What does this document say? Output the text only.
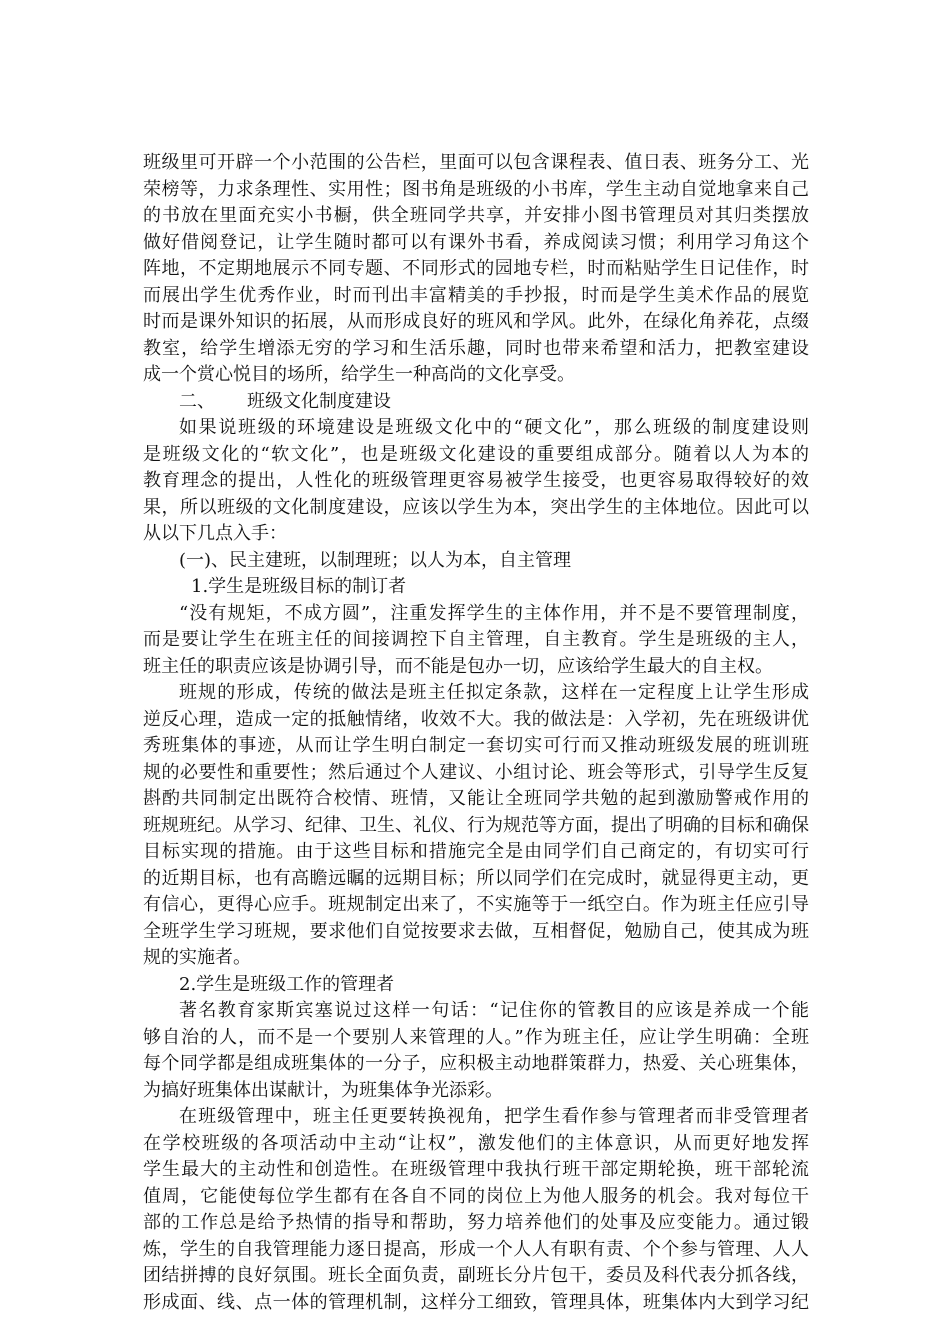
班级里可开辟一个小范围的公告栏，里面可以包含课程表、值日表、班务分工、光
荣榜等，力求条理性、实用性；图书角是班级的小书库，学生主动自觉地拿来自己
的书放在里面充实小书橱，供全班同学共享，并安排小图书管理员对其归类摆放
做好借阅登记，让学生随时都可以有课外书看，养成阅读习惯；利用学习角这个
阵地，不定期地展示不同专题、不同形式的园地专栏，时而粘贴学生日记佳作，时
而展出学生优秀作业，时而刊出丰富精美的手抄报，时而是学生美术作品的展览
时而是课外知识的拓展，从而形成良好的班风和学风。此外，在绿化角养花，点缀
教室，给学生增添无穷的学习和生活乐趣，同时也带来希望和活力，把教室建设
成一个赏心悦目的场所，给学生一种高尚的文化享受。
二、 班级文化制度建设
如果说班级的环境建设是班级文化中的“硬文化”，那么班级的制度建设则
是班级文化的“软文化”，也是班级文化建设的重要组成部分。随着以人为本的
教育理念的提出，人性化的班级管理更容易被学生接受，也更容易取得较好的效
果，所以班级的文化制度建设，应该以学生为本，突出学生的主体地位。因此可以
从以下几点入手：
(一)、民主建班，以制理班；以人为本，自主管理
1.学生是班级目标的制订者
“没有规矩，不成方圆”，注重发挥学生的主体作用，并不是不要管理制度，
而是要让学生在班主任的间接调控下自主管理，自主教育。学生是班级的主人，
班主任的职责应该是协调引导，而不能是包办一切，应该给学生最大的自主权。
班规的形成，传统的做法是班主任拟定条款，这样在一定程度上让学生形成
逆反心理，造成一定的抵触情绪，收效不大。我的做法是：入学初，先在班级讲优
秀班集体的事迹，从而让学生明白制定一套切实可行而又推动班级发展的班训班
规的必要性和重要性；然后通过个人建议、小组讨论、班会等形式，引导学生反复
斟酌共同制定出既符合校情、班情，又能让全班同学共勉的起到激励警戒作用的
班规班纪。从学习、纪律、卫生、礼仪、行为规范等方面，提出了明确的目标和确保
目标实现的措施。由于这些目标和措施完全是由同学们自己商定的，有切实可行
的近期目标，也有高瞻远瞩的远期目标；所以同学们在完成时，就显得更主动，更
有信心，更得心应手。班规制定出来了，不实施等于一纸空白。作为班主任应引导
全班学生学习班规，要求他们自觉按要求去做，互相督促，勉励自己，使其成为班
规的实施者。
2.学生是班级工作的管理者
著名教育家斯宾塞说过这样一句话：“记住你的管教目的应该是养成一个能
够自治的人，而不是一个要别人来管理的人。”作为班主任，应让学生明确：全班
每个同学都是组成班集体的一分子，应积极主动地群策群力，热爱、关心班集体，
为搞好班集体出谋献计，为班集体争光添彩。
在班级管理中，班主任更要转换视角，把学生看作参与管理者而非受管理者
在学校班级的各项活动中主动“让权”，激发他们的主体意识，从而更好地发挥
学生最大的主动性和创造性。在班级管理中我执行班干部定期轮换，班干部轮流
值周，它能使每位学生都有在各自不同的岗位上为他人服务的机会。我对每位干
部的工作总是给予热情的指导和帮助，努力培养他们的处事及应变能力。通过锻
炼，学生的自我管理能力逐日提高，形成一个人人有职有责、个个参与管理、人人
团结拼搏的良好氛围。班长全面负责，副班长分片包干，委员及科代表分抓各线，
形成面、线、点一体的管理机制，这样分工细致，管理具体，班集体内大到学习纪
